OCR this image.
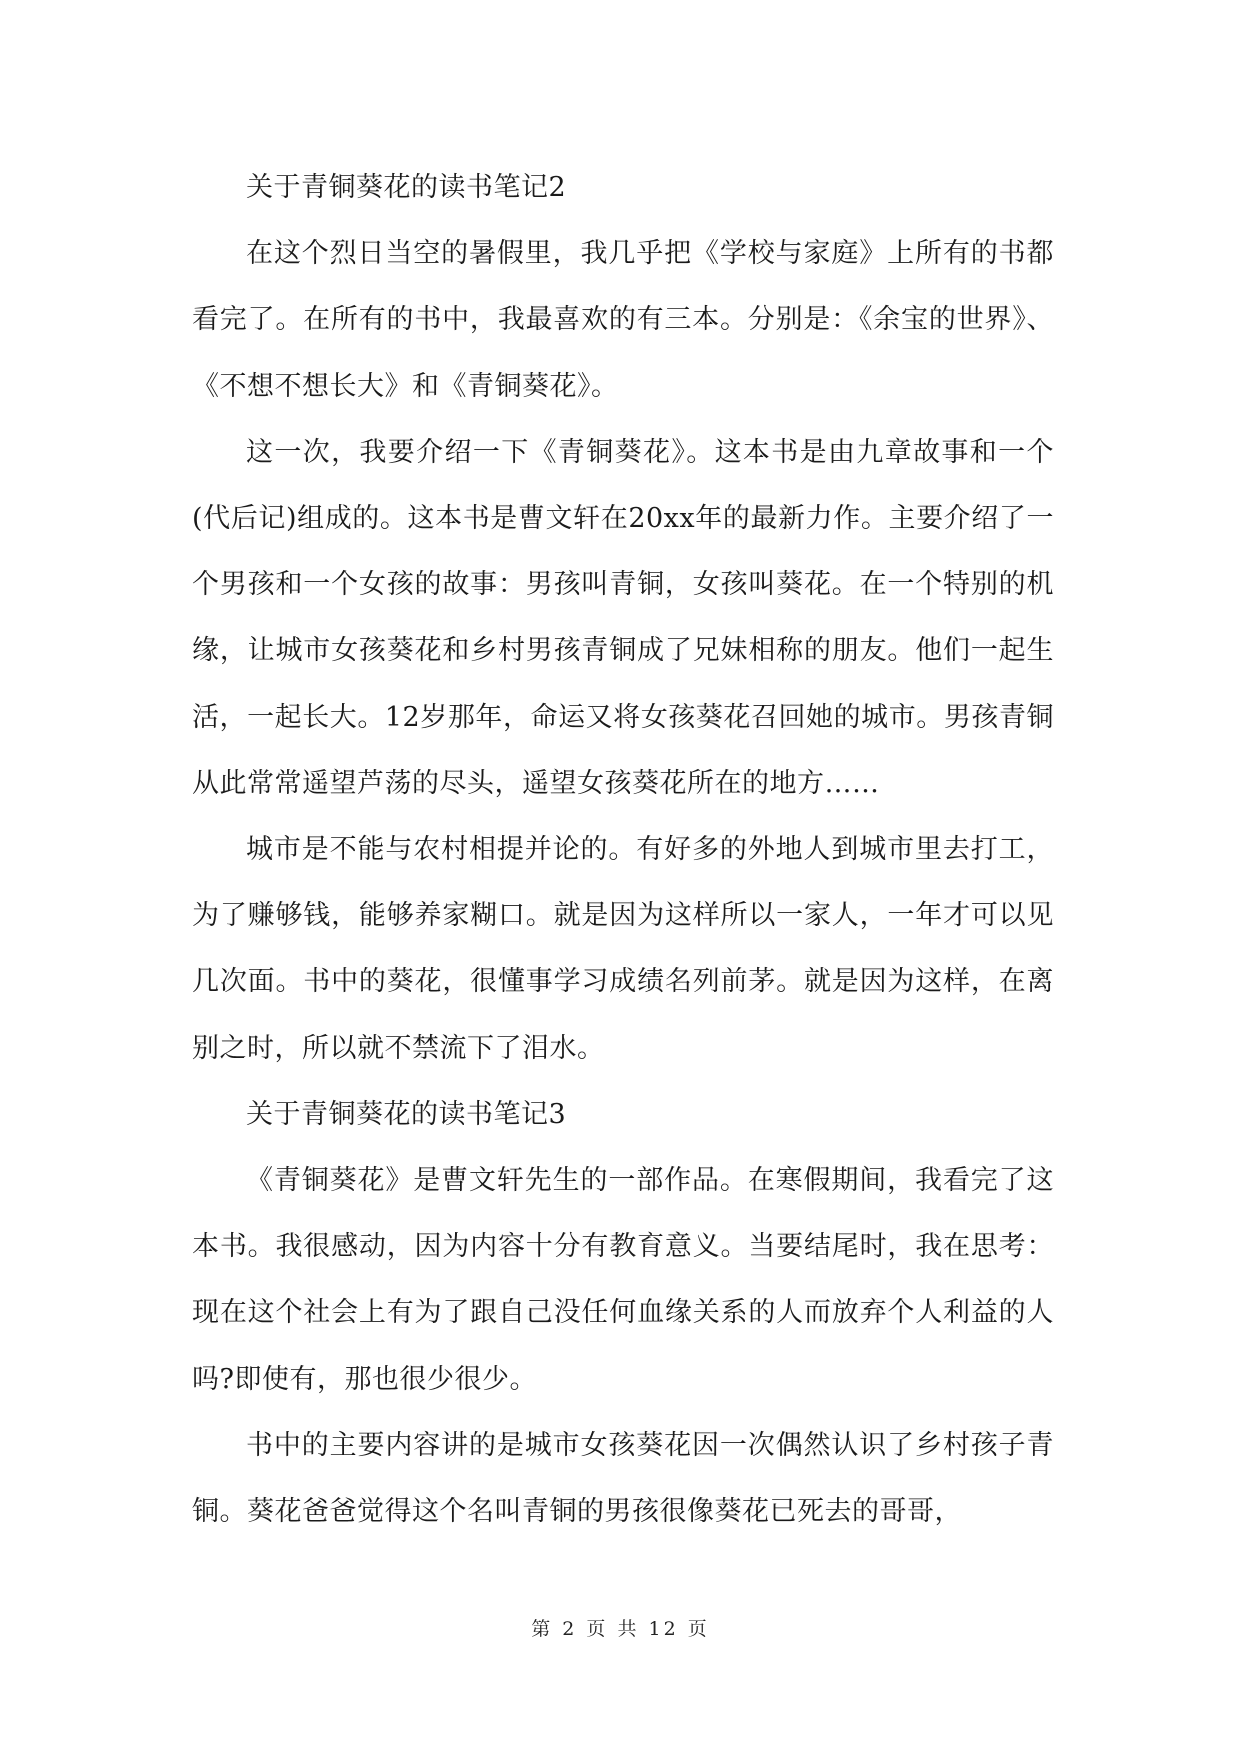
关于青铜葵花的读书笔记2

在这个烈日当空的暑假里，我几乎把《学校与家庭》上所有的书都看完了。在所有的书中，我最喜欢的有三本。分别是：《余宝的世界》、《不想不想长大》和《青铜葵花》。

这一次，我要介绍一下《青铜葵花》。这本书是由九章故事和一个(代后记)组成的。这本书是曹文轩在20xx年的最新力作。主要介绍了一个男孩和一个女孩的故事：男孩叫青铜，女孩叫葵花。在一个特别的机缘，让城市女孩葵花和乡村男孩青铜成了兄妹相称的朋友。他们一起生活，一起长大。12岁那年，命运又将女孩葵花召回她的城市。男孩青铜从此常常遥望芦荡的尽头，遥望女孩葵花所在的地方……

城市是不能与农村相提并论的。有好多的外地人到城市里去打工，为了赚够钱，能够养家糊口。就是因为这样所以一家人，一年才可以见几次面。书中的葵花，很懂事学习成绩名列前茅。就是因为这样，在离别之时，所以就不禁流下了泪水。

关于青铜葵花的读书笔记3

《青铜葵花》是曹文轩先生的一部作品。在寒假期间，我看完了这本书。我很感动，因为内容十分有教育意义。当要结尾时，我在思考：现在这个社会上有为了跟自己没任何血缘关系的人而放弃个人利益的人吗?即使有，那也很少很少。

书中的主要内容讲的是城市女孩葵花因一次偶然认识了乡村孩子青铜。葵花爸爸觉得这个名叫青铜的男孩很像葵花已死去的哥哥，

第 2 页 共 12 页
